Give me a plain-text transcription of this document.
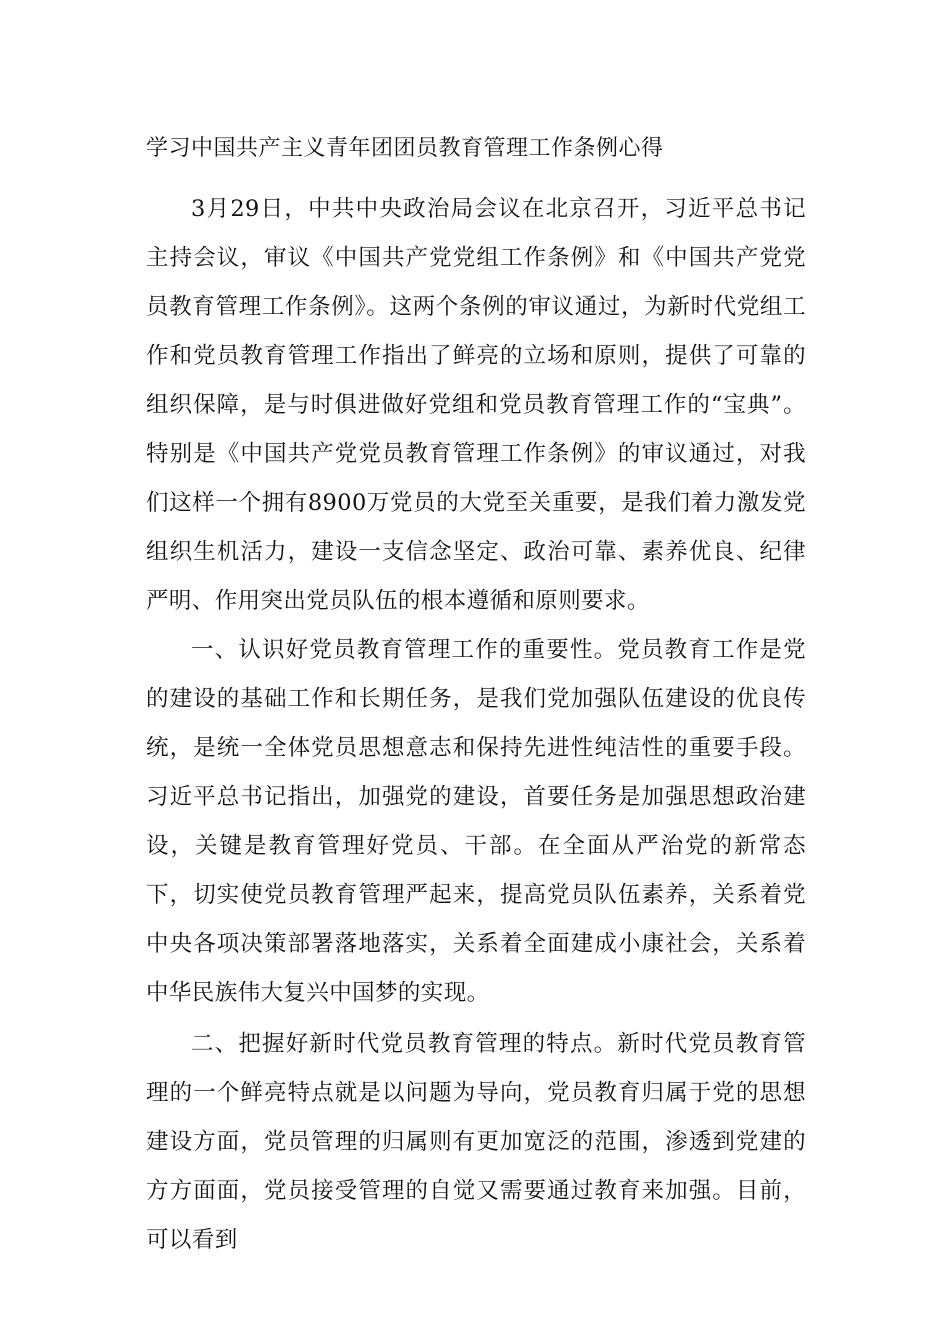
学习中国共产主义青年团团员教育管理工作条例心得

3月29日，中共中央政治局会议在北京召开，习近平总书记主持会议，审议《中国共产党党组工作条例》和《中国共产党党员教育管理工作条例》。这两个条例的审议通过，为新时代党组工作和党员教育管理工作指出了鲜亮的立场和原则，提供了可靠的组织保障，是与时俱进做好党组和党员教育管理工作的“宝典”。特别是《中国共产党党员教育管理工作条例》的审议通过，对我们这样一个拥有8900万党员的大党至关重要，是我们着力激发党组织生机活力，建设一支信念坚定、政治可靠、素养优良、纪律严明、作用突出党员队伍的根本遵循和原则要求。

一、认识好党员教育管理工作的重要性。党员教育工作是党的建设的基础工作和长期任务，是我们党加强队伍建设的优良传统，是统一全体党员思想意志和保持先进性纯洁性的重要手段。习近平总书记指出，加强党的建设，首要任务是加强思想政治建设，关键是教育管理好党员、干部。在全面从严治党的新常态下，切实使党员教育管理严起来，提高党员队伍素养，关系着党中央各项决策部署落地落实，关系着全面建成小康社会，关系着中华民族伟大复兴中国梦的实现。

二、把握好新时代党员教育管理的特点。新时代党员教育管理的一个鲜亮特点就是以问题为导向，党员教育归属于党的思想建设方面，党员管理的归属则有更加宽泛的范围，渗透到党建的方方面面，党员接受管理的自觉又需要通过教育来加强。目前，可以看到
